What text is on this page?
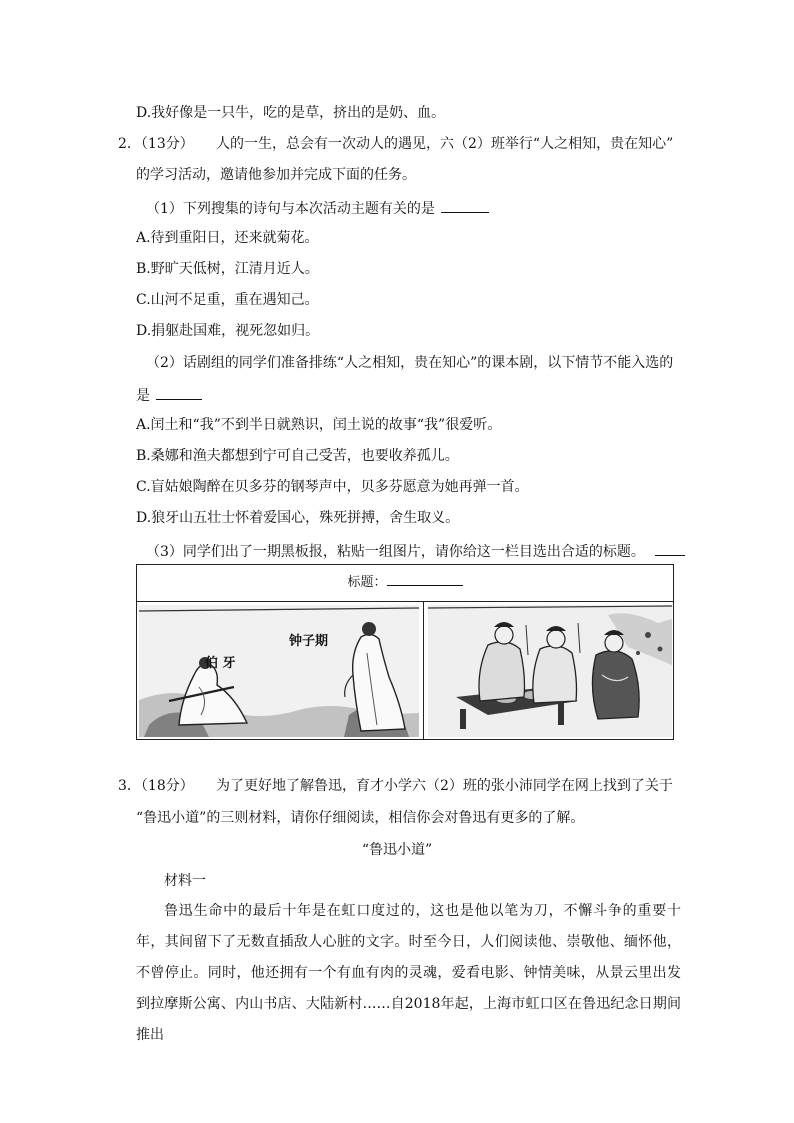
D.我好像是一只牛，吃的是草，挤出的是奶、血。
2．（13分） 人的一生，总会有一次动人的遇见，六（2）班举行“人之相知，贵在知心”
的学习活动，邀请他参加并完成下面的任务。
（1）下列搜集的诗句与本次活动主题有关的是
A.待到重阳日，还来就菊花。
B.野旷天低树，江清月近人。
C.山河不足重，重在遇知己。
D.捐躯赴国难，视死忽如归。
（2）话剧组的同学们准备排练“人之相知，贵在知心”的课本剧，以下情节不能入选的
是
A.闰土和“我”不到半日就熟识，闰土说的故事“我”很爱听。
B.桑娜和渔夫都想到宁可自己受苦，也要收养孤儿。
C.盲姑娘陶醉在贝多芬的钢琴声中，贝多芬愿意为她再弹一首。
D.狼牙山五壮士怀着爱国心，殊死拼搏，舍生取义。
（3）同学们出了一期黑板报，粘贴一组图片，请你给这一栏目选出合适的标题。
标题：
伯 牙
钟子期
3．（18分） 为了更好地了解鲁迅，育才小学六（2）班的张小沛同学在网上找到了关于
“鲁迅小道”的三则材料，请你仔细阅读，相信你会对鲁迅有更多的了解。
“鲁迅小道”
材料一
鲁迅生命中的最后十年是在虹口度过的，这也是他以笔为刀，不懈斗争的重要十年，其间留下了无数直插敌人心脏的文字。时至今日，人们阅读他、崇敬他、缅怀他，不曾停止。同时，他还拥有一个有血有肉的灵魂，爱看电影、钟情美味，从景云里出发到拉摩斯公寓、内山书店、大陆新村……自2018年起，上海市虹口区在鲁迅纪念日期间推出
